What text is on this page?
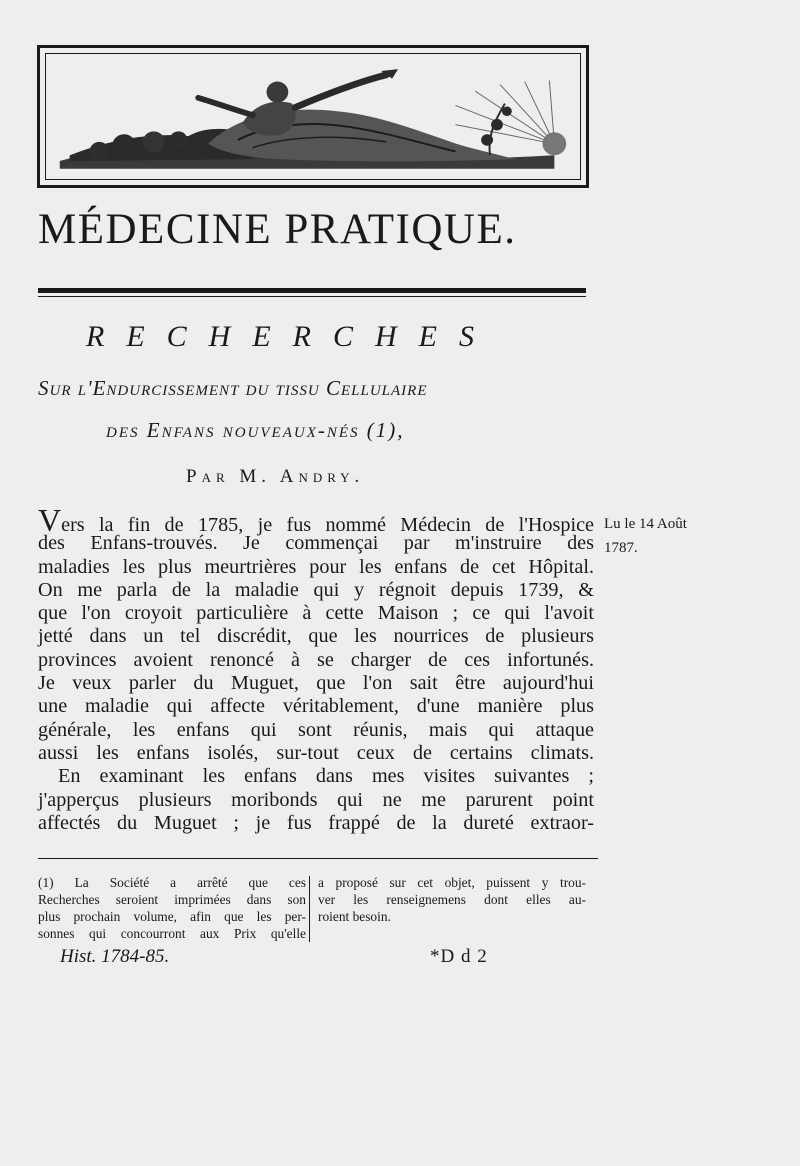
MÉDECINE PRATIQUE.
RECHERCHES
Sur l'Endurcissement du tissu Cellulaire
des Enfans nouveaux-nés (1),
Par M. Andry.
Vers la fin de 1785, je fus nommé Médecin de l'Hospice
des Enfans-trouvés. Je commençai par m'instruire des
maladies les plus meurtrières pour les enfans de cet Hôpital.
On me parla de la maladie qui y régnoit depuis 1739, &
que l'on croyoit particulière à cette Maison ; ce qui l'avoit
jetté dans un tel discrédit, que les nourrices de plusieurs
provinces avoient renoncé à se charger de ces infortunés.
Je veux parler du Muguet, que l'on sait être aujourd'hui
une maladie qui affecte véritablement, d'une manière plus
générale, les enfans qui sont réunis, mais qui attaque
aussi les enfans isolés, sur-tout ceux de certains climats.
En examinant les enfans dans mes visites suivantes ;
j'apperçus plusieurs moribonds qui ne me parurent point
affectés du Muguet ; je fus frappé de la dureté extraor-
Lu le 14 Août
1787.
(1) La Société a arrêté que ces
Recherches seroient imprimées dans son
plus prochain volume, afin que les per-
sonnes qui concourront aux Prix qu'elle
a proposé sur cet objet, puissent y trou-
ver les renseignemens dont elles au-
roient besoin.
Hist. 1784-85.	*D d 2
